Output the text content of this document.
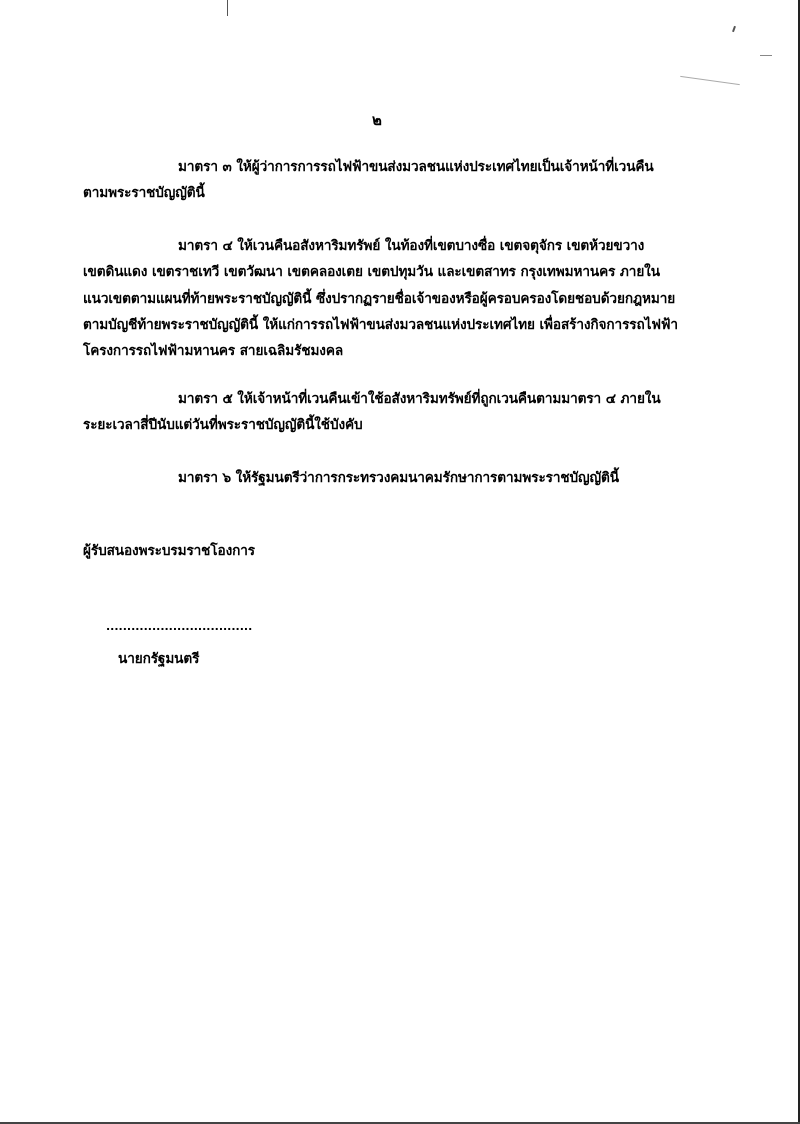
๒
มาตรา ๓ ให้ผู้ว่าการการรถไฟฟ้าขนส่งมวลชนแห่งประเทศไทยเป็นเจ้าหน้าที่เวนคืน
ตามพระราชบัญญัตินี้
มาตรา ๔ ให้เวนคืนอสังหาริมทรัพย์ ในท้องที่เขตบางซื่อ เขตจตุจักร เขตห้วยขวาง
เขตดินแดง เขตราชเทวี เขตวัฒนา เขตคลองเตย เขตปทุมวัน และเขตสาทร กรุงเทพมหานคร ภายใน
แนวเขตตามแผนที่ท้ายพระราชบัญญัตินี้ ซึ่งปรากฏรายชื่อเจ้าของหรือผู้ครอบครองโดยชอบด้วยกฎหมาย
ตามบัญชีท้ายพระราชบัญญัตินี้ ให้แก่การรถไฟฟ้าขนส่งมวลชนแห่งประเทศไทย เพื่อสร้างกิจการรถไฟฟ้า
โครงการรถไฟฟ้ามหานคร สายเฉลิมรัชมงคล
มาตรา ๕ ให้เจ้าหน้าที่เวนคืนเข้าใช้อสังหาริมทรัพย์ที่ถูกเวนคืนตามมาตรา ๔ ภายใน
ระยะเวลาสี่ปีนับแต่วันที่พระราชบัญญัตินี้ใช้บังคับ
มาตรา ๖ ให้รัฐมนตรีว่าการกระทรวงคมนาคมรักษาการตามพระราชบัญญัตินี้
ผู้รับสนองพระบรมราชโองการ
...................................
นายกรัฐมนตรี
